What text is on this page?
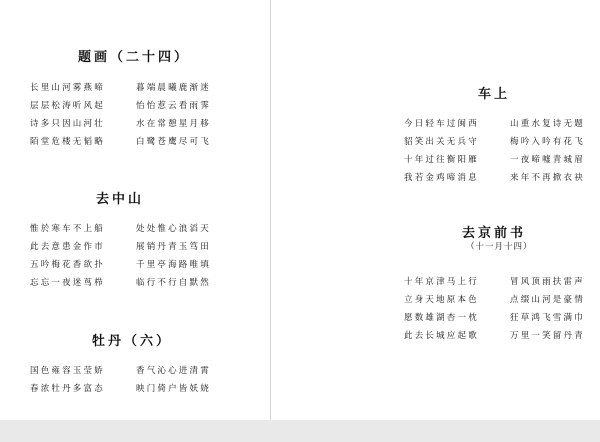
题画（二十四）
长里山河雾燕啼	暮端晨曦鹿渐迷
层层松涛听风起	怡怡惹云看雨霁
诗多只因山河壮	水在常憩星月移
陌堂危楼无韬略	白鹭苍鹰尽可飞
去中山
惟於寒车不上船	处处惟心浪滔天
此去意患金作市	展销丹青玉笃田
五吟梅花香欲扑	千里亭海路唯填
忘忘一夜迷茑栉	临行不行自默然
牡丹（六）
国色雍容玉莹娇	香气沁心进清霄
春浓牡丹多富态	映门倚户皆妖娆
车上
今日轻车过闽西	山重水复诗无题
貂笑出关无兵守	梅吟入吟有花飞
十年过往衡阳雁	一夜啼嘘青城眉
我若金鸡啼消息	来年不再掀衣袂
去京前书
（十一月十四）
十年京津马上行	冒风顶雨扶雷声
立身天地原本色	点缀山河是豪情
愿数雄湖杏一枕	狂草鸿飞雪满巾
此去长城应起歌	万里一笑留丹青
